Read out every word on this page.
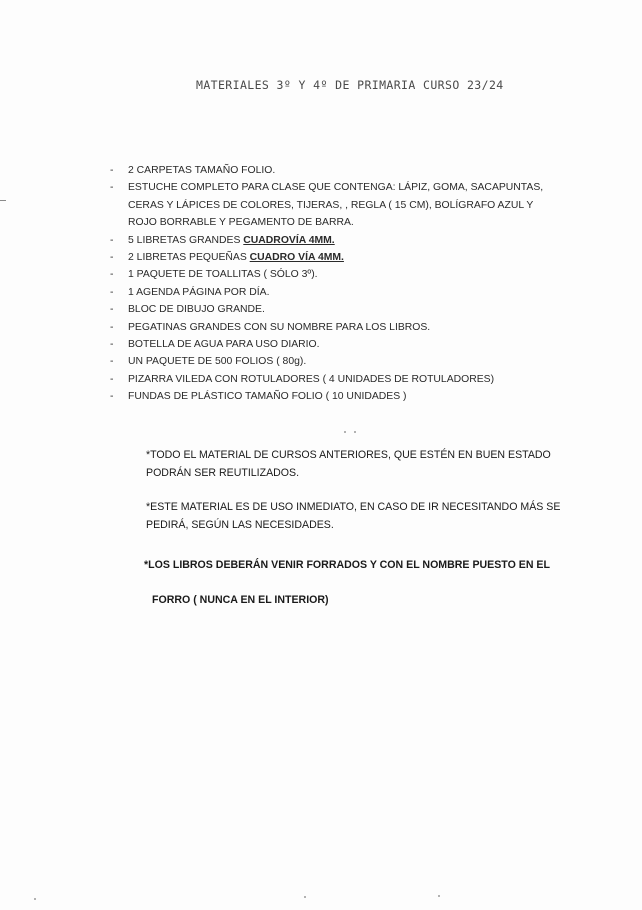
MATERIALES 3º Y 4º DE PRIMARIA CURSO 23/24
- 2 CARPETAS TAMAÑO FOLIO.
- ESTUCHE COMPLETO PARA CLASE QUE CONTENGA: LÁPIZ, GOMA, SACAPUNTAS, CERAS Y LÁPICES DE COLORES, TIJERAS, , REGLA ( 15 CM), BOLÍGRAFO AZUL Y ROJO BORRABLE Y PEGAMENTO DE BARRA.
- 5 LIBRETAS GRANDES CUADROVÍA 4MM.
- 2 LIBRETAS PEQUEÑAS CUADRO VÍA 4MM.
- 1 PAQUETE DE TOALLITAS ( SÓLO 3º).
- 1 AGENDA PÁGINA POR DÍA.
- BLOC DE DIBUJO GRANDE.
- PEGATINAS GRANDES CON SU NOMBRE PARA LOS LIBROS.
- BOTELLA DE AGUA PARA USO DIARIO.
- UN PAQUETE DE 500 FOLIOS ( 80g).
- PIZARRA VILEDA CON ROTULADORES ( 4 UNIDADES DE ROTULADORES)
- FUNDAS DE PLÁSTICO TAMAÑO FOLIO ( 10 UNIDADES )
*TODO EL MATERIAL DE CURSOS ANTERIORES, QUE ESTÉN EN BUEN ESTADO
PODRÁN SER REUTILIZADOS.
*ESTE MATERIAL ES DE USO INMEDIATO, EN CASO DE IR NECESITANDO MÁS SE
PEDIRÁ, SEGÚN LAS NECESIDADES.
*LOS LIBROS DEBERÁN VENIR FORRADOS Y CON EL NOMBRE PUESTO EN EL
FORRO ( NUNCA EN EL INTERIOR)
